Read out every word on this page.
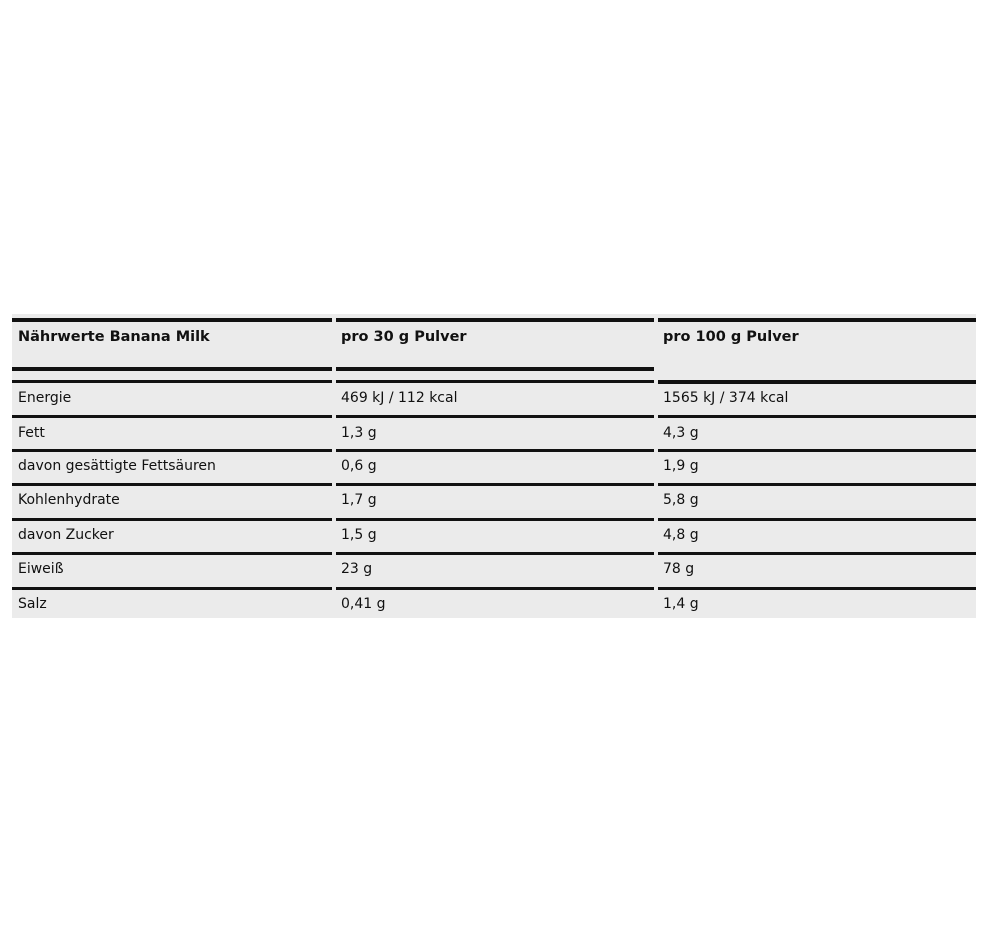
Nährwerte Banana Milk
Energie
Fett
davon gesättigte Fettsäuren
Kohlenhydrate
davon Zucker
Eiweiß
Salz
pro 30 g Pulver
469 kJ / 112 kcal
1,3 g
0,6 g
1,7 g
1,5 g
23 g
0,41 g
pro 100 g Pulver
1565 kJ / 374 kcal
4,3 g
1,9 g
5,8 g
4,8 g
78 g
1,4 g
